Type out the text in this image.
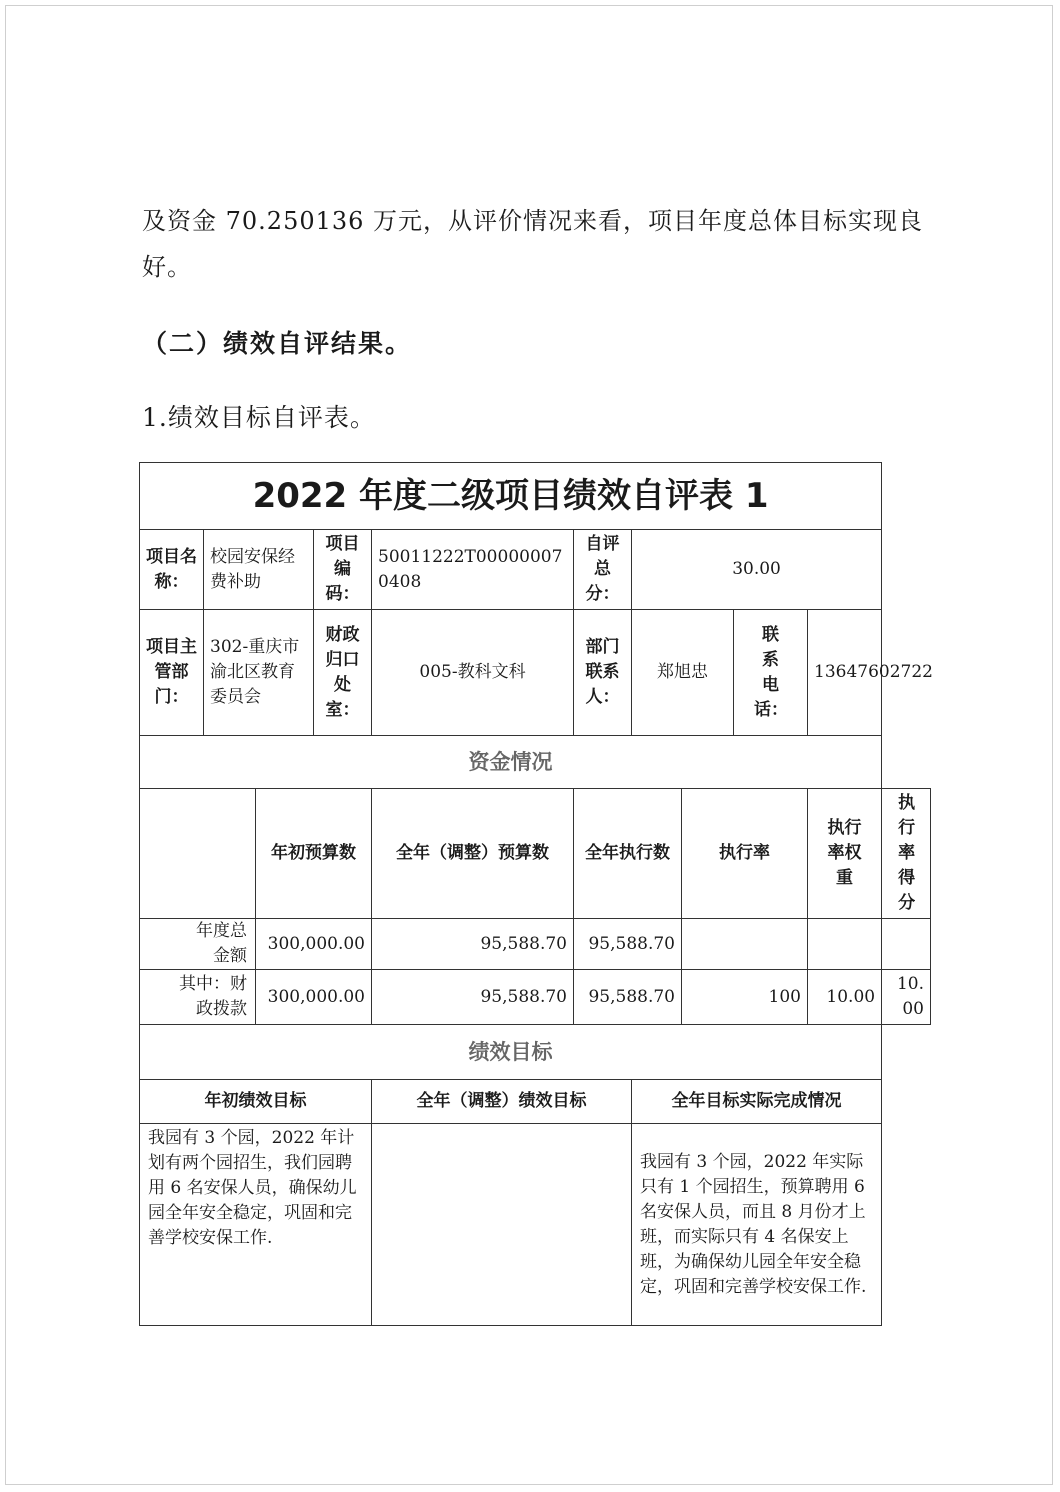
及资金 70.250136 万元，从评价情况来看，项目年度总体目标实现良好。
（二）绩效自评结果。
1.绩效目标自评表。
2022 年度二级项目绩效自评表 1										
项目名称：	校园安保经费补助		项目编码：	50011222T000000070408	自评总分：	30.00				
项目主管部门：	302-重庆市渝北区教育委员会		财政归口处室：	005-教科文科	部门联系人：	郑旭忠		联系电话：	13647602722	
资金情况										
		年初预算数		全年（调整）预算数	全年执行数		执行率		执行率权重	执行率得分
年度总金额		300,000.00		95,588.70	95,588.70					
其中：财政拨款		300,000.00		95,588.70	95,588.70		100		10.00	10.00
绩效目标										
年初绩效目标				全年（调整）绩效目标		全年目标实际完成情况				
我园有 3 个园，2022 年计划有两个园招生，我们园聘用 6 名安保人员，确保幼儿园全年安全稳定，巩固和完善学校安保工作.						我园有 3 个园，2022 年实际只有 1 个园招生，预算聘用 6 名安保人员，而且 8 月份才上班，而实际只有 4 名保安上班，为确保幼儿园全年安全稳定，巩固和完善学校安保工作.				
